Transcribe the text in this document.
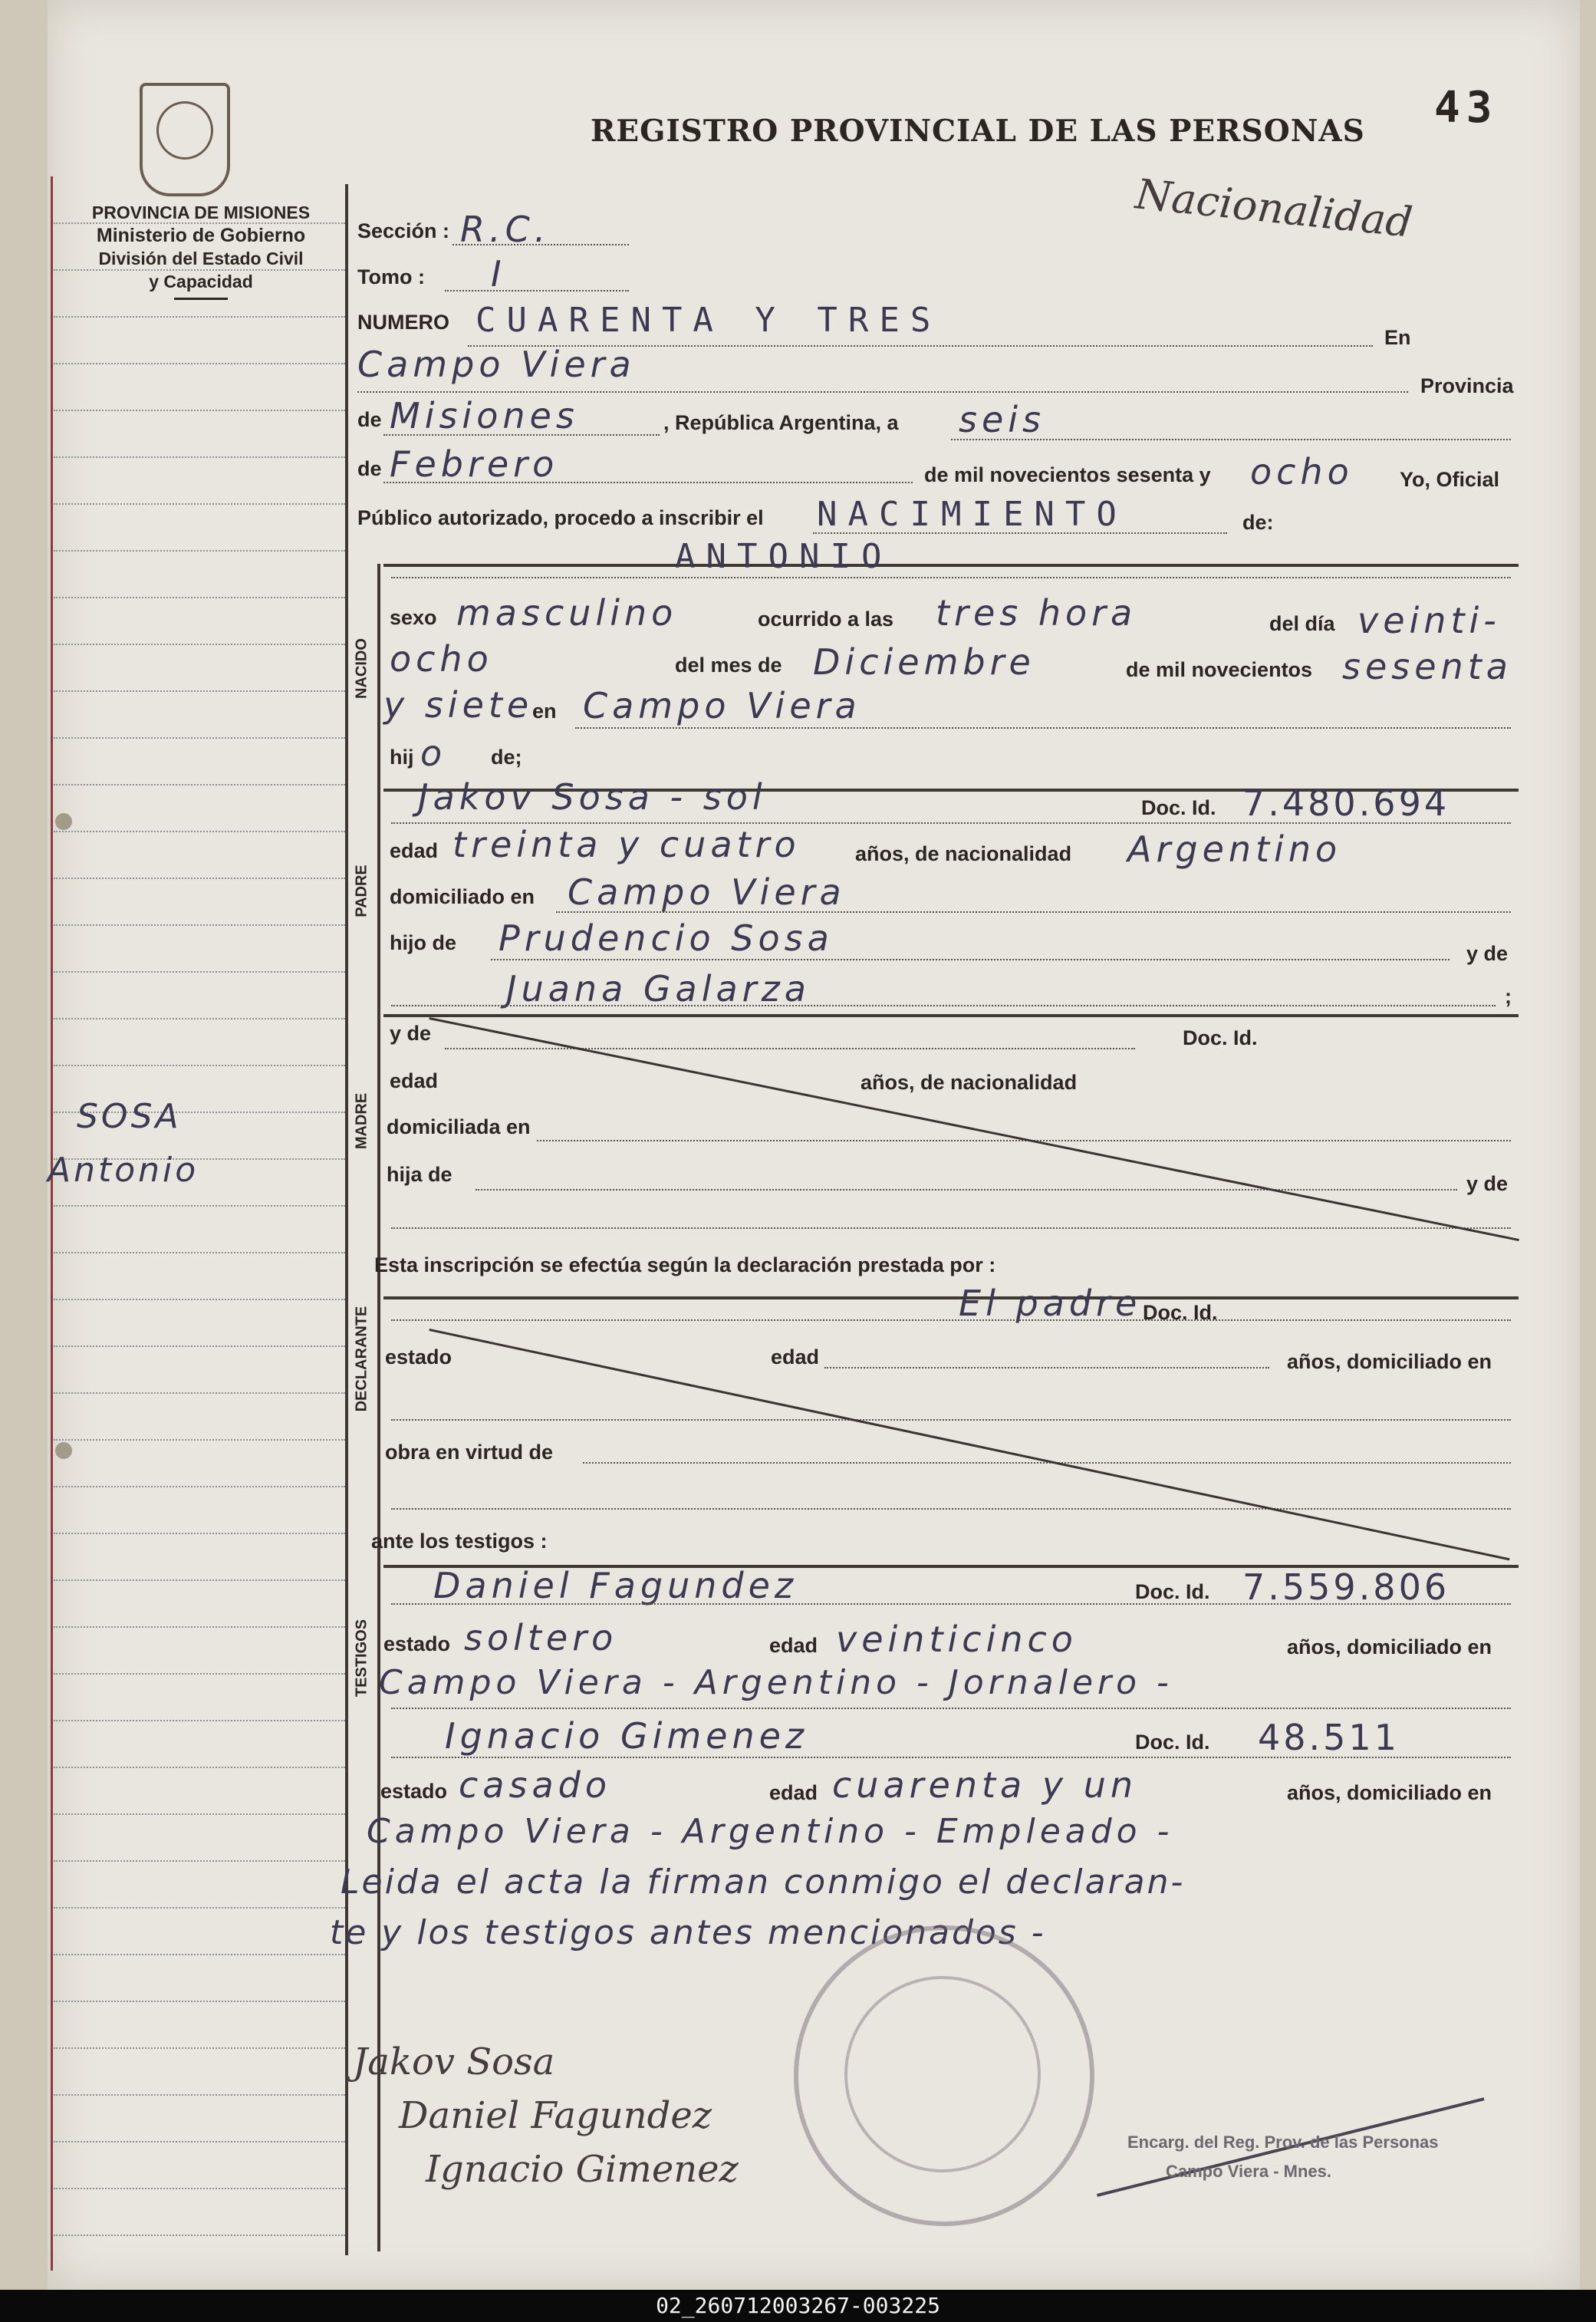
PROVINCIA DE MISIONES
Ministerio de Gobierno
División del Estado Civil
y Capacidad
SOSA
Antonio
43
REGISTRO PROVINCIAL DE LAS PERSONAS
Nacionalidad
Sección : R.C.
Tomo : I
NUMERO CUARENTA Y TRES	En
Campo Viera
Provincia
de Misiones	, República Argentina, a seis
de Febrero	de mil novecientos sesenta y ocho Yo, Oficial
Público autorizado, procedo a inscribir el NACIMIENTO	de:
NACIDO
ANTONIO
sexo masculino	ocurrido a las tres hora	del día veinti-
ocho	del mes de Diciembre	de mil novecientos sesenta
y siete
en Campo Viera
hij o de;
PADRE
Jakov Sosa - sol	Doc. Id. 7.480.694
edad treinta y cuatro	años, de nacionalidad Argentino
domiciliado en Campo Viera
hijo de Prudencio Sosa	y de
Juana Galarza	;
MADRE
y de	Doc. Id.
edad	años, de nacionalidad
domiciliada en
hija de	y de
Esta inscripción se efectúa según la declaración prestada por :
DECLARANTE
El padre Doc. Id.
estado	edad	años, domiciliado en
obra en virtud de
ante los testigos :
TESTIGOS
Daniel Fagundez	Doc. Id. 7.559.806
estado soltero	edad veinticinco	años, domiciliado en
Campo Viera - Argentino - Jornalero -
Ignacio Gimenez	Doc. Id. 48.511
estado casado	edad cuarenta y un	años, domiciliado en
Campo Viera - Argentino - Empleado -
Leida el acta la firman conmigo el declaran-
te y los testigos antes mencionados -
Jakov Sosa
Daniel Fagundez
Ignacio Gimenez
Encarg. del Reg. Prov. de las Personas
Campo Viera - Mnes.
02_260712003267-003225
